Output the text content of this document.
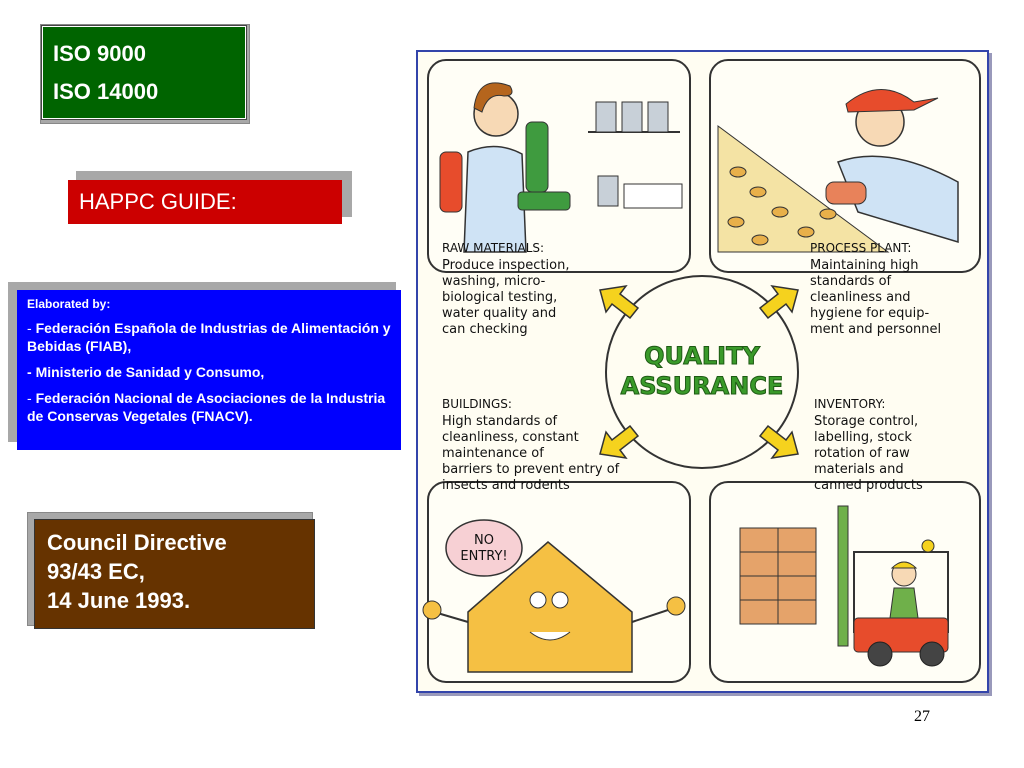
ISO 9000
ISO 14000
HAPPC GUIDE:
Elaborated by:

- Federación Española de Industrias de Alimentación y Bebidas (FIAB),

- Ministerio de Sanidad y Consumo,

- Federación Nacional de Asociaciones de la Industria de Conservas Vegetales (FNACV).

Council Directive
93/43 EC,
14 June 1993.
RAW MATERIALS:
Produce inspection,
washing, micro-
biological testing,
water quality and
can checking
PROCESS PLANT:
Maintaining high
standards of
cleanliness and
hygiene for equip-
ment and personnel
QUALITY
ASSURANCE
BUILDINGS:
High standards of
cleanliness, constant
maintenance of
barriers to prevent entry of
insects and rodents
INVENTORY:
Storage control,
labelling, stock
rotation of raw
materials and
canned products
NO
ENTRY!
27
